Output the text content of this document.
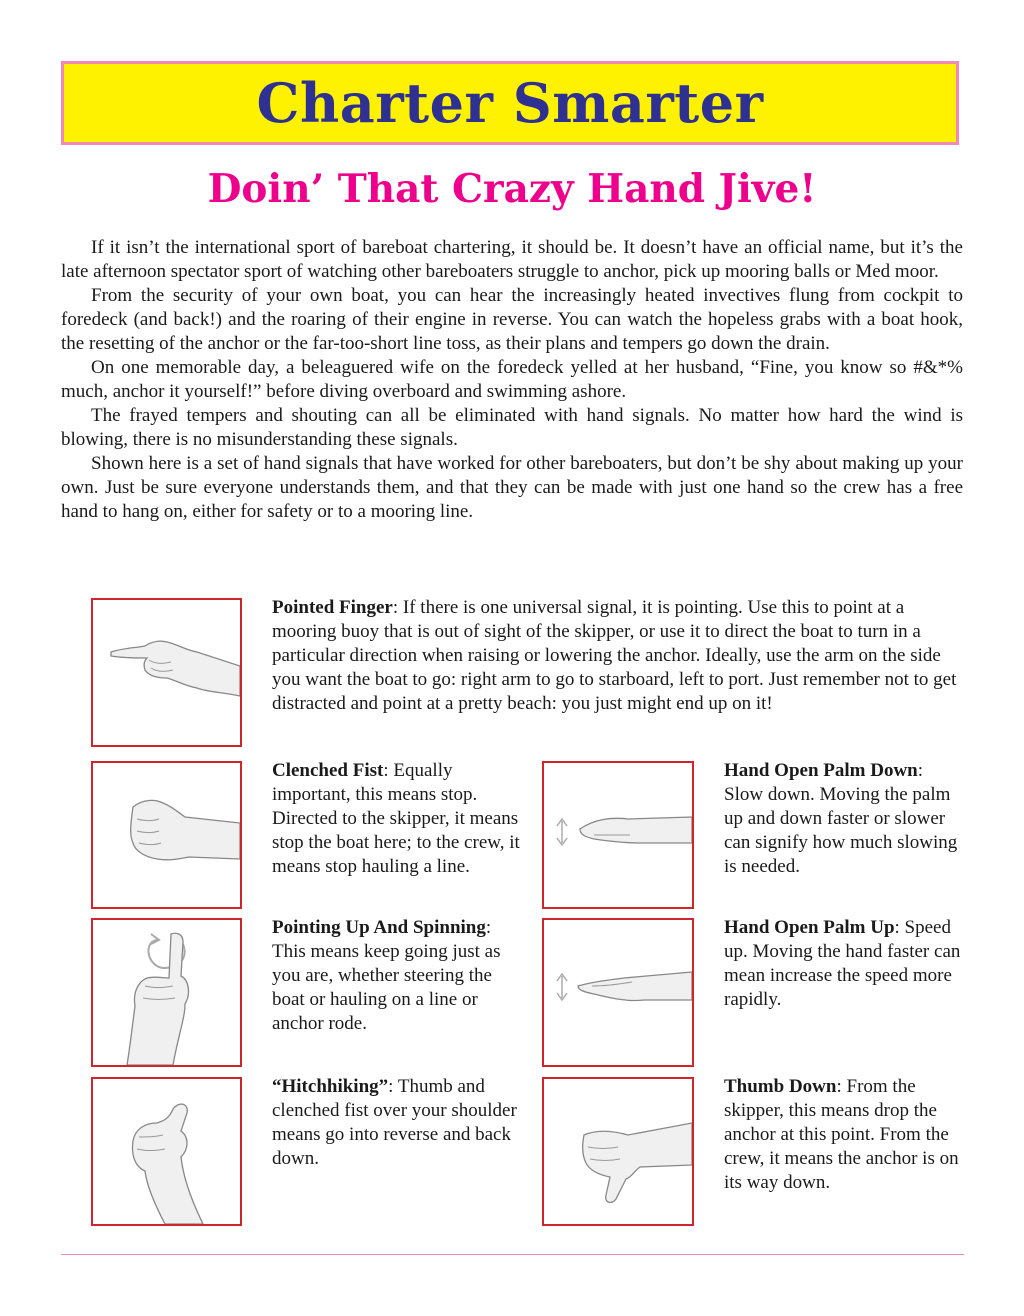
Charter Smarter
Doin’ That Crazy Hand Jive!

If it isn’t the international sport of bareboat chartering, it should be. It doesn’t have an official name, but it’s the late afternoon spectator sport of watching other bareboaters struggle to anchor, pick up mooring balls or Med moor.

From the security of your own boat, you can hear the increasingly heated invectives flung from cockpit to foredeck (and back!) and the roaring of their engine in reverse. You can watch the hopeless grabs with a boat hook, the resetting of the anchor or the far-too-short line toss, as their plans and tempers go down the drain.

On one memorable day, a beleaguered wife on the foredeck yelled at her husband, “Fine, you know so #&*% much, anchor it yourself!” before diving overboard and swimming ashore.

The frayed tempers and shouting can all be eliminated with hand signals. No matter how hard the wind is blowing, there is no misunderstanding these signals.

Shown here is a set of hand signals that have worked for other bareboaters, but don’t be shy about making up your own. Just be sure everyone understands them, and that they can be made with just one hand so the crew has a free hand to hang on, either for safety or to a mooring line.

Pointed Finger: If there is one universal signal, it is pointing. Use this to point at a mooring buoy that is out of sight of the skipper, or use it to direct the boat to turn in a particular direction when raising or lowering the anchor. Ideally, use the arm on the side you want the boat to go: right arm to go to starboard, left to port. Just remember not to get distracted and point at a pretty beach: you just might end up on it!
Clenched Fist: Equally important, this means stop. Directed to the skipper, it means stop the boat here; to the crew, it means stop hauling a line.
Hand Open Palm Down: Slow down. Moving the palm up and down faster or slower can signify how much slowing is needed.
Pointing Up And Spinning: This means keep going just as you are, whether steering the boat or hauling on a line or anchor rode.
Hand Open Palm Up: Speed up. Moving the hand faster can mean increase the speed more rapidly.
“Hitchhiking”: Thumb and clenched fist over your shoulder means go into reverse and back down.
Thumb Down: From the skipper, this means drop the anchor at this point. From the crew, it means the anchor is on its way down.
